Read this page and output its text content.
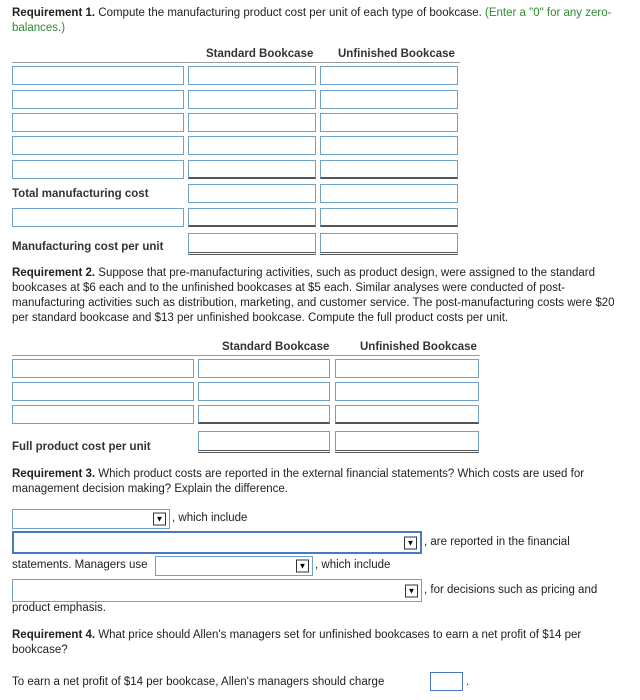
Requirement 1. Compute the manufacturing product cost per unit of each type of bookcase. (Enter a "0" for any zero-balances.)
Standard Bookcase Unfinished Bookcase
Total manufacturing cost
Manufacturing cost per unit
Requirement 2. Suppose that pre-manufacturing activities, such as product design, were assigned to the standard bookcases at $6 each and to the unfinished bookcases at $5 each. Similar analyses were conducted of post-manufacturing activities such as distribution, marketing, and customer service. The post-manufacturing costs were $20 per standard bookcase and $13 per unfinished bookcase. Compute the full product costs per unit.
Standard Bookcase	Unfinished Bookcase
Full product cost per unit
Requirement 3. Which product costs are reported in the external financial statements? Which costs are used for management decision making? Explain the difference.
▼ , which include
▼ , are reported in the financial
statements. Managers use	▼ , which include
▼ , for decisions such as pricing and
product emphasis.
Requirement 4. What price should Allen's managers set for unfinished bookcases to earn a net profit of $14 per bookcase?
To earn a net profit of $14 per bookcase, Allen's managers should charge	.
